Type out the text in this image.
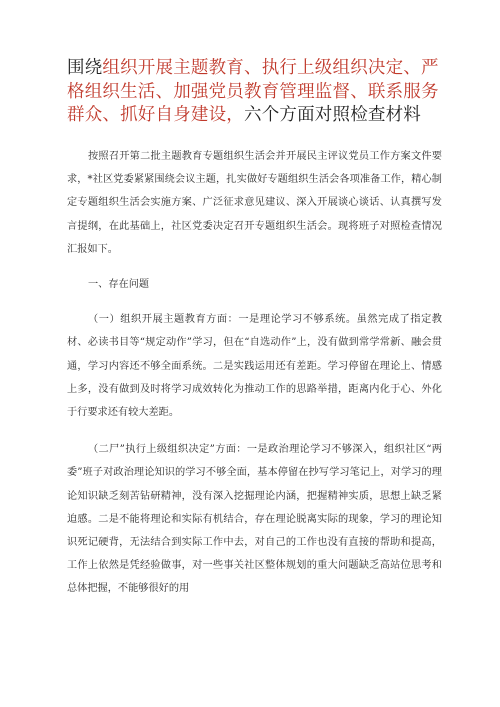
围绕组织开展主题教育、执行上级组织决定、严格组织生活、加强党员教育管理监督、联系服务群众、抓好自身建设，六个方面对照检查材料

按照召开第二批主题教育专题组织生活会并开展民主评议党员工作方案文件要求，*社区党委紧紧围绕会议主题，扎实做好专题组织生活会各项准备工作，精心制定专题组织生活会实施方案、广泛征求意见建议、深入开展谈心谈话、认真撰写发言提纲，在此基础上，社区党委决定召开专题组织生活会。现将班子对照检查情况汇报如下。

一、存在问题

（一）组织开展主题教育方面：一是理论学习不够系统。虽然完成了指定教材、必读书目等“规定动作”学习，但在“自选动作”上，没有做到常学常新、融会贯通，学习内容还不够全面系统。二是实践运用还有差距。学习停留在理论上、情感上多，没有做到及时将学习成效转化为推动工作的思路举措，距离内化于心、外化于行要求还有较大差距。

（二尸”执行上级组织决定”方面：一是政治理论学习不够深入，组织社区“两委”班子对政治理论知识的学习不够全面，基本停留在抄写学习笔记上，对学习的理论知识缺乏刻苦钻研精神，没有深入挖掘理论内涵，把握精神实质，思想上缺乏紧迫感。二是不能将理论和实际有机结合，存在理论脱离实际的现象，学习的理论知识死记硬背，无法结合到实际工作中去，对自己的工作也没有直接的帮助和提高，工作上依然是凭经验做事，对一些事关社区整体规划的重大问题缺乏高站位思考和总体把握，不能够很好的用
